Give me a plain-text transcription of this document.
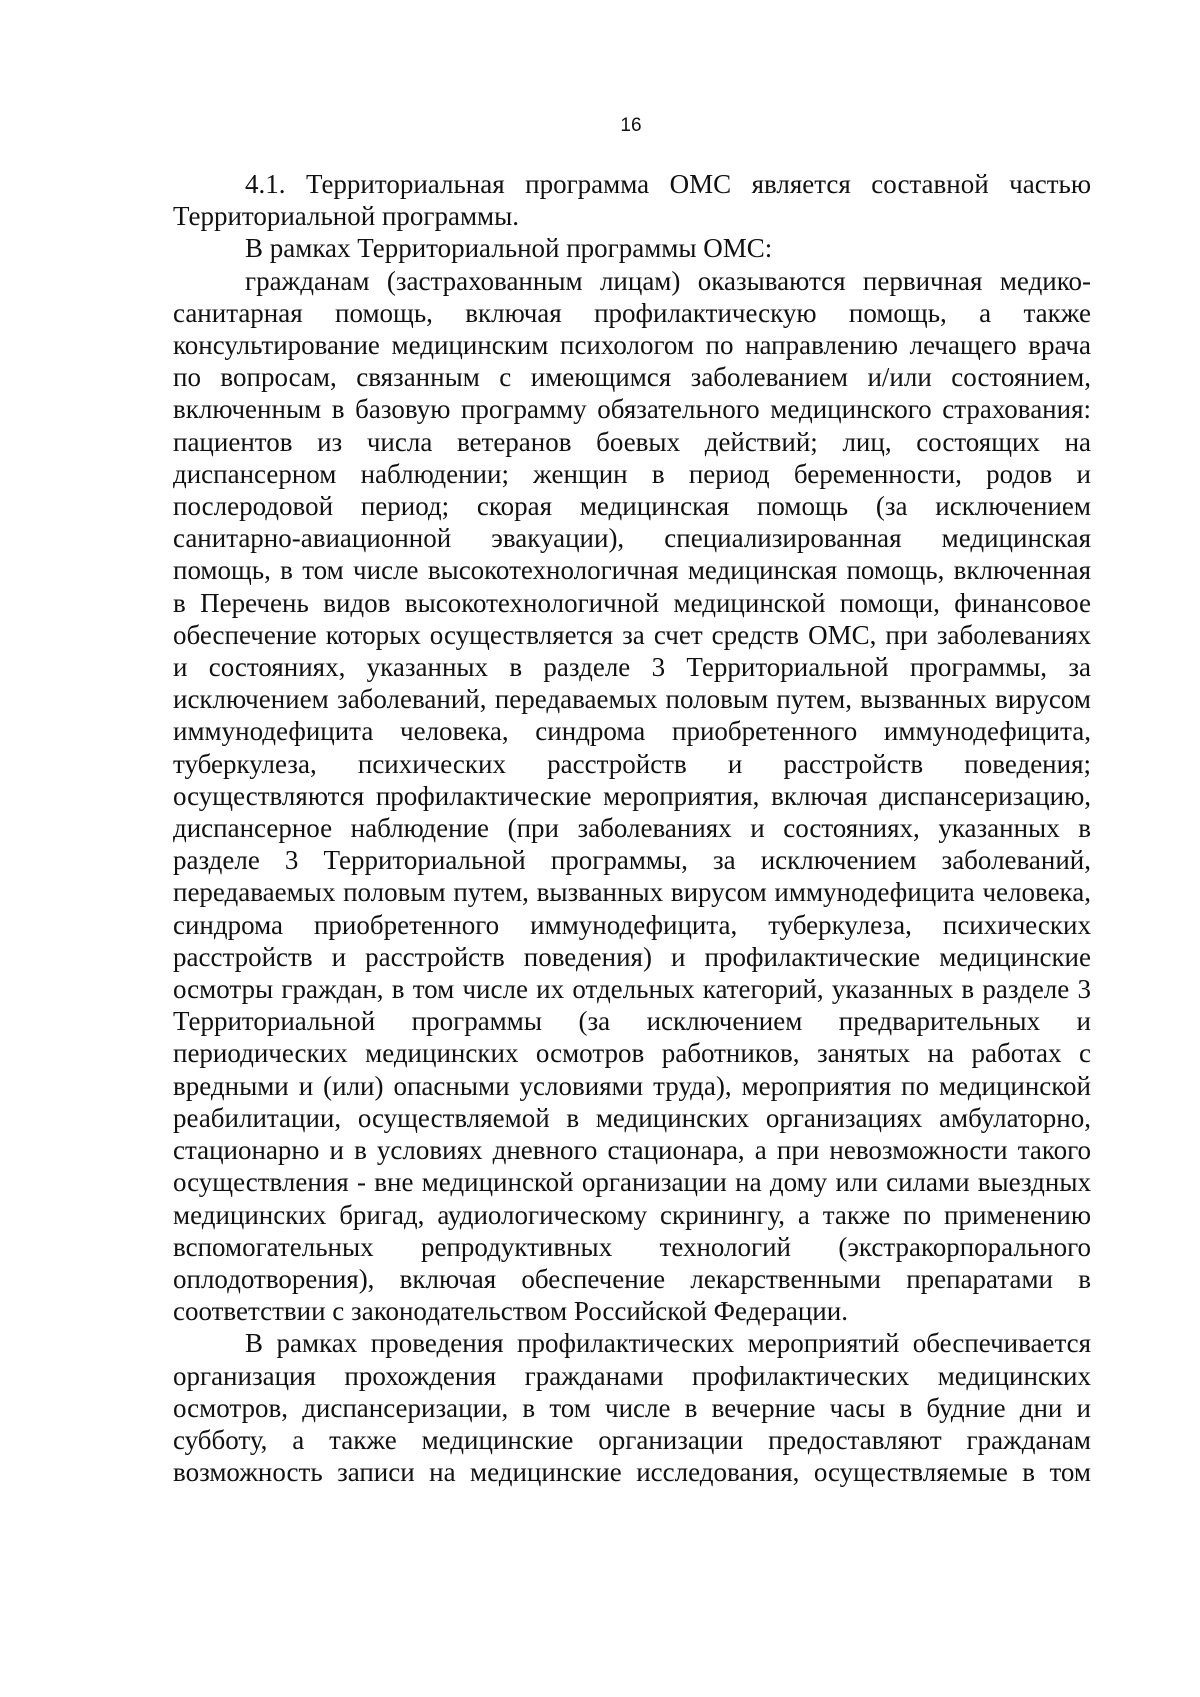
16

4.1. Территориальная программа ОМС является составной частью Территориальной программы.

В рамках Территориальной программы ОМС:

гражданам (застрахованным лицам) оказываются первичная медико-санитарная помощь, включая профилактическую помощь, а также консультирование медицинским психологом по направлению лечащего врача по вопросам, связанным с имеющимся заболеванием и/или состоянием, включенным в базовую программу обязательного медицинского страхования: пациентов из числа ветеранов боевых действий; лиц, состоящих на диспансерном наблюдении; женщин в период беременности, родов и послеродовой период; скорая медицинская помощь (за исключением санитарно-авиационной эвакуации), специализированная медицинская помощь, в том числе высокотехнологичная медицинская помощь, включенная в Перечень видов высокотехнологичной медицинской помощи, финансовое обеспечение которых осуществляется за счет средств ОМС, при заболеваниях и состояниях, указанных в разделе 3 Территориальной программы, за исключением заболеваний, передаваемых половым путем, вызванных вирусом иммунодефицита человека, синдрома приобретенного иммунодефицита, туберкулеза, психических расстройств и расстройств поведения; осуществляются профилактические мероприятия, включая диспансеризацию, диспансерное наблюдение (при заболеваниях и состояниях, указанных в разделе 3 Территориальной программы, за исключением заболеваний, передаваемых половым путем, вызванных вирусом иммунодефицита человека, синдрома приобретенного иммунодефицита, туберкулеза, психических расстройств и расстройств поведения) и профилактические медицинские осмотры граждан, в том числе их отдельных категорий, указанных в разделе 3 Территориальной программы (за исключением предварительных и периодических медицинских осмотров работников, занятых на работах с вредными и (или) опасными условиями труда), мероприятия по медицинской реабилитации, осуществляемой в медицинских организациях амбулаторно, стационарно и в условиях дневного стационара, а при невозможности такого осуществления - вне медицинской организации на дому или силами выездных медицинских бригад, аудиологическому скринингу, а также по применению вспомогательных репродуктивных технологий (экстракорпорального оплодотворения), включая обеспечение лекарственными препаратами в соответствии с законодательством Российской Федерации.

В рамках проведения профилактических мероприятий обеспечивается организация прохождения гражданами профилактических медицинских осмотров, диспансеризации, в том числе в вечерние часы в будние дни и субботу, а также медицинские организации предоставляют гражданам возможность записи на медицинские исследования, осуществляемые в том
